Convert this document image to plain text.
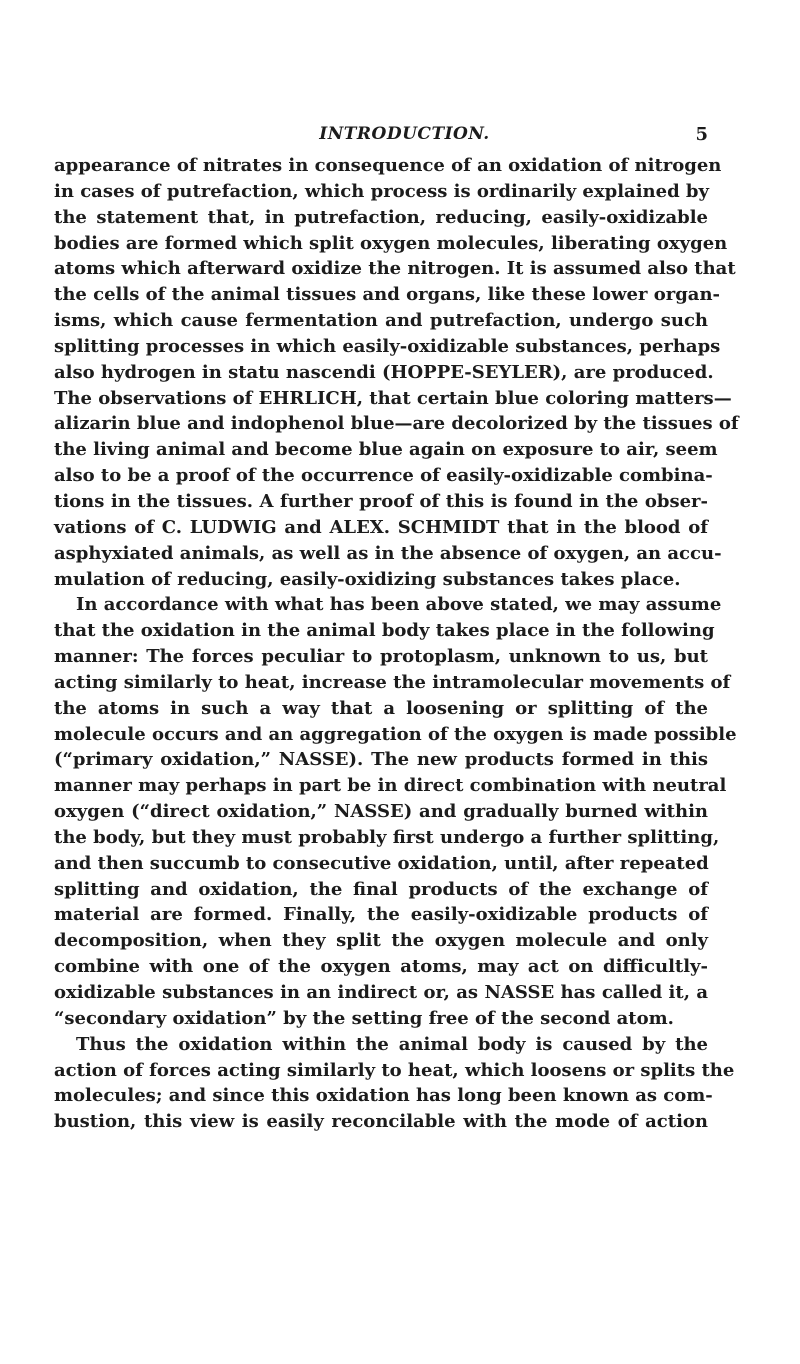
INTRODUCTION.	5
appearance of nitrates in consequence of an oxidation of nitrogen
in cases of putrefaction, which process is ordinarily explained by
the statement that, in putrefaction, reducing, easily-oxidizable
bodies are formed which split oxygen molecules, liberating oxygen
atoms which afterward oxidize the nitrogen. It is assumed also that
the cells of the animal tissues and organs, like these lower organ-
isms, which cause fermentation and putrefaction, undergo such
splitting processes in which easily-oxidizable substances, perhaps
also hydrogen in statu nascendi (HOPPE-SEYLER), are produced.
The observations of EHRLICH, that certain blue coloring matters—
alizarin blue and indophenol blue—are decolorized by the tissues of
the living animal and become blue again on exposure to air, seem
also to be a proof of the occurrence of easily-oxidizable combina-
tions in the tissues. A further proof of this is found in the obser-
vations of C. LUDWIG and ALEX. SCHMIDT that in the blood of
asphyxiated animals, as well as in the absence of oxygen, an accu-
mulation of reducing, easily-oxidizing substances takes place.
In accordance with what has been above stated, we may assume
that the oxidation in the animal body takes place in the following
manner: The forces peculiar to protoplasm, unknown to us, but
acting similarly to heat, increase the intramolecular movements of
the atoms in such a way that a loosening or splitting of the
molecule occurs and an aggregation of the oxygen is made possible
(“primary oxidation,” NASSE). The new products formed in this
manner may perhaps in part be in direct combination with neutral
oxygen (“direct oxidation,” NASSE) and gradually burned within
the body, but they must probably first undergo a further splitting,
and then succumb to consecutive oxidation, until, after repeated
splitting and oxidation, the final products of the exchange of
material are formed. Finally, the easily-oxidizable products of
decomposition, when they split the oxygen molecule and only
combine with one of the oxygen atoms, may act on difficultly-
oxidizable substances in an indirect or, as NASSE has called it, a
“secondary oxidation” by the setting free of the second atom.
Thus the oxidation within the animal body is caused by the
action of forces acting similarly to heat, which loosens or splits the
molecules; and since this oxidation has long been known as com-
bustion, this view is easily reconcilable with the mode of action
